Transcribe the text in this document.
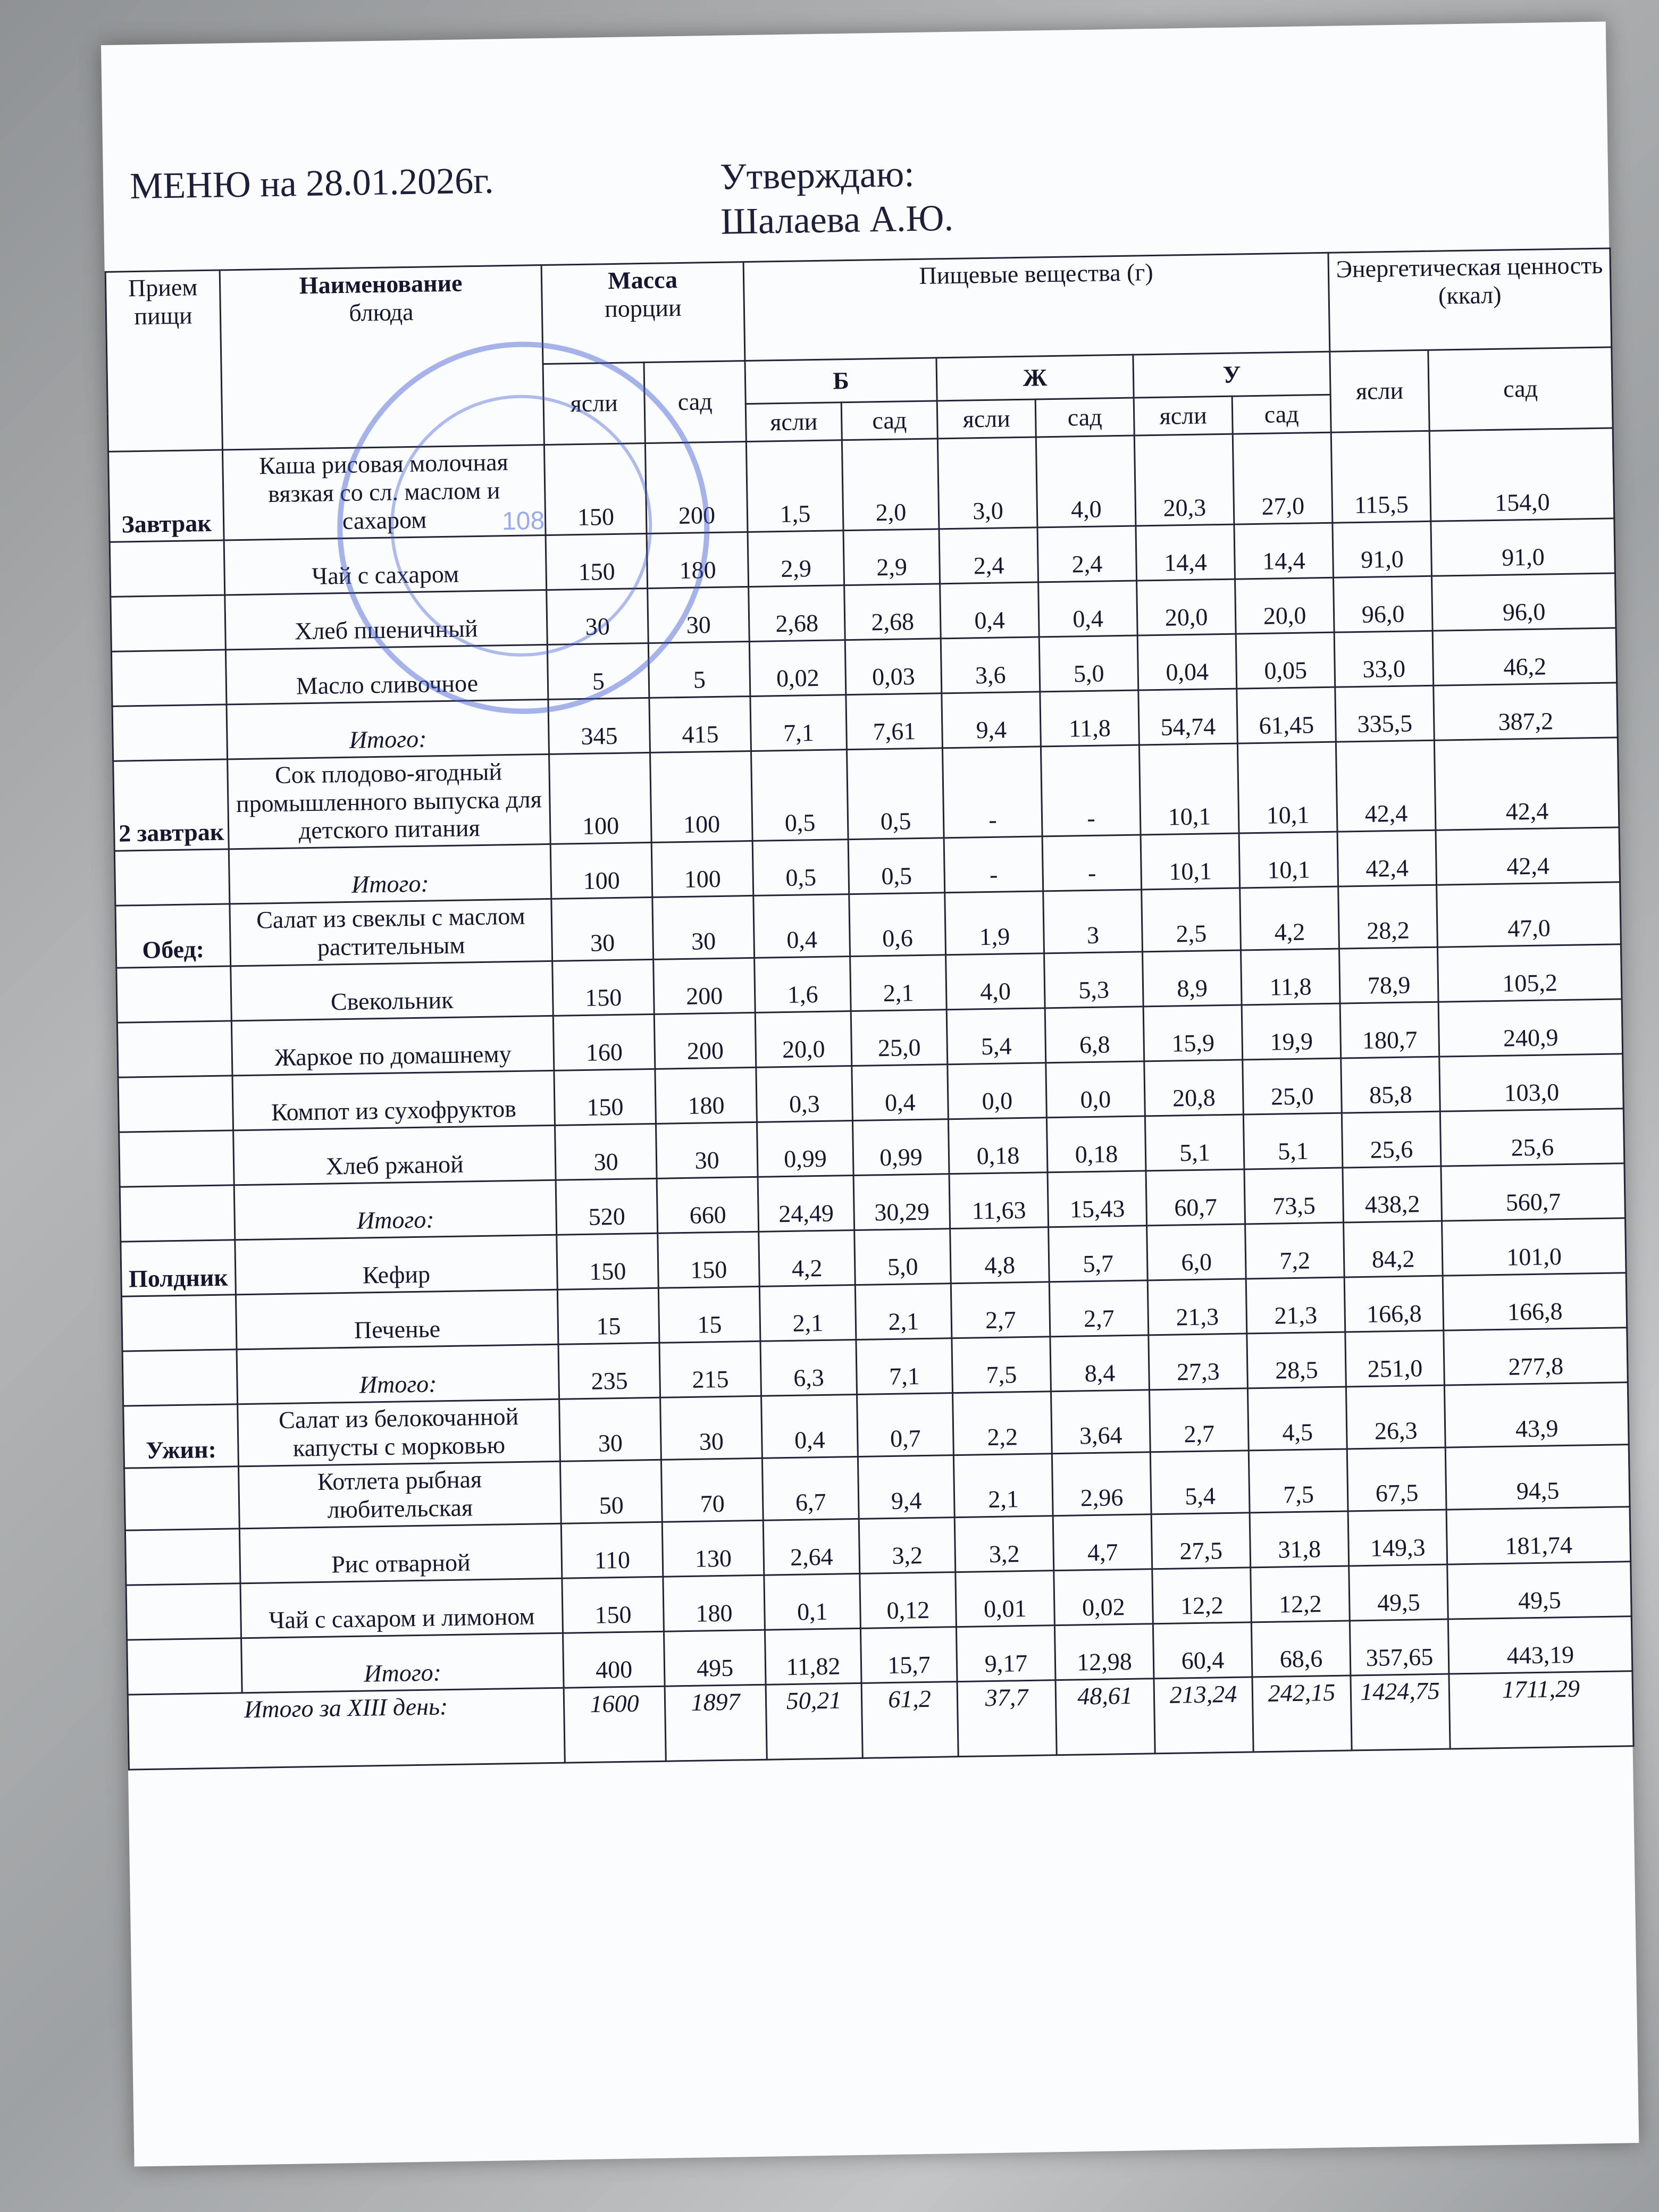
МЕНЮ на 28.01.2026г.	Утверждаю:
Шалаева А.Ю.
Прием пищи	Наименование
блюда	Масса
порции		Пищевые вещества (г)						Энергетическая ценность (ккал)	
		ясли	сад	Б		Ж		У		ясли	сад
				ясли	сад	ясли	сад	ясли	сад		
Завтрак	Каша рисовая молочная вязкая со сл. маслом и сахаром	150	200	1,5	2,0	3,0	4,0	20,3	27,0	115,5	154,0
	Чай с сахаром	150	180	2,9	2,9	2,4	2,4	14,4	14,4	91,0	91,0
	Хлеб пшеничный	30	30	2,68	2,68	0,4	0,4	20,0	20,0	96,0	96,0
	Масло сливочное	5	5	0,02	0,03	3,6	5,0	0,04	0,05	33,0	46,2
	Итого:	345	415	7,1	7,61	9,4	11,8	54,74	61,45	335,5	387,2
2 завтрак	Сок плодово-ягодный промышленного выпуска для детского питания	100	100	0,5	0,5	-	-	10,1	10,1	42,4	42,4
	Итого:	100	100	0,5	0,5	-	-	10,1	10,1	42,4	42,4
Обед:	Салат из свеклы с маслом растительным	30	30	0,4	0,6	1,9	3	2,5	4,2	28,2	47,0
	Свекольник	150	200	1,6	2,1	4,0	5,3	8,9	11,8	78,9	105,2
	Жаркое по домашнему	160	200	20,0	25,0	5,4	6,8	15,9	19,9	180,7	240,9
	Компот из сухофруктов	150	180	0,3	0,4	0,0	0,0	20,8	25,0	85,8	103,0
	Хлеб ржаной	30	30	0,99	0,99	0,18	0,18	5,1	5,1	25,6	25,6
	Итого:	520	660	24,49	30,29	11,63	15,43	60,7	73,5	438,2	560,7
Полдник	Кефир	150	150	4,2	5,0	4,8	5,7	6,0	7,2	84,2	101,0
	Печенье	15	15	2,1	2,1	2,7	2,7	21,3	21,3	166,8	166,8
	Итого:	235	215	6,3	7,1	7,5	8,4	27,3	28,5	251,0	277,8
Ужин:	Салат из белокочанной капусты с морковью	30	30	0,4	0,7	2,2	3,64	2,7	4,5	26,3	43,9
	Котлета рыбная любительская	50	70	6,7	9,4	2,1	2,96	5,4	7,5	67,5	94,5
	Рис отварной	110	130	2,64	3,2	3,2	4,7	27,5	31,8	149,3	181,74
	Чай с сахаром и лимоном	150	180	0,1	0,12	0,01	0,02	12,2	12,2	49,5	49,5
	Итого:	400	495	11,82	15,7	9,17	12,98	60,4	68,6	357,65	443,19
Итого за XIII день:		1600	1897	50,21	61,2	37,7	48,61	213,24	242,15	1424,75	1711,29
108
